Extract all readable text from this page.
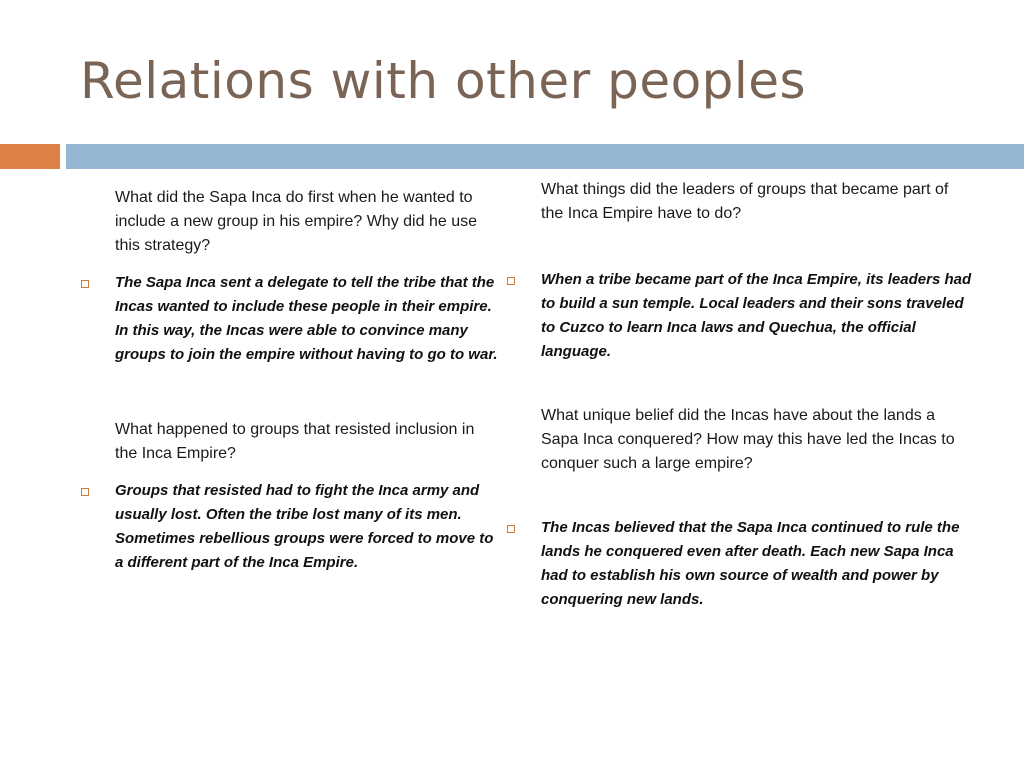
Relations with other peoples

What did the Sapa Inca do first when he wanted to include a new group in his empire? Why did he use this strategy?

The Sapa Inca sent a delegate to tell the tribe that the Incas wanted to include these people in their empire. In this way, the Incas were able to convince many groups to join the empire without having to go to war.

What happened to groups that resisted inclusion in the Inca Empire?

Groups that resisted had to fight the Inca army and usually lost. Often the tribe lost many of its men. Sometimes rebellious groups were forced to move to a different part of the Inca Empire.

What things did the leaders of groups that became part of the Inca Empire have to do?

When a tribe became part of the Inca Empire, its leaders had to build a sun temple. Local leaders and their sons traveled to Cuzco to learn Inca laws and Quechua, the official language.

What unique belief did the Incas have about the lands a Sapa Inca conquered? How may this have led the Incas to conquer such a large empire?

The Incas believed that the Sapa Inca continued to rule the lands he conquered even after death. Each new Sapa Inca had to establish his own source of wealth and power by conquering new lands.
